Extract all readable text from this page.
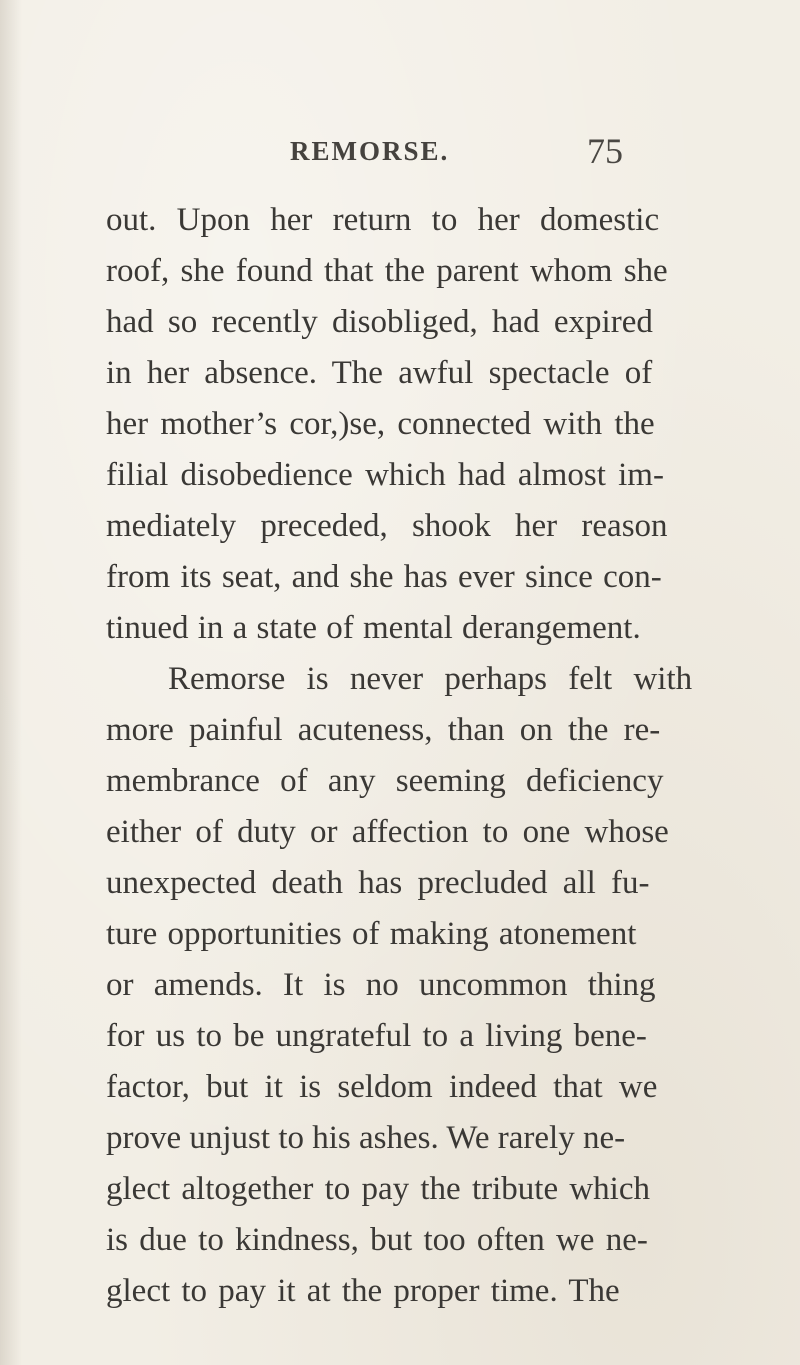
REMORSE.	75
out. Upon her return to her domestic
roof, she found that the parent whom she
had so recently disobliged, had expired
in her absence. The awful spectacle of
her mother’s cor,)se, connected with the
filial disobedience which had almost im-
mediately preceded, shook her reason
from its seat, and she has ever since con-
tinued in a state of mental derangement.
Remorse is never perhaps felt with
more painful acuteness, than on the re-
membrance of any seeming deficiency
either of duty or affection to one whose
unexpected death has precluded all fu-
ture opportunities of making atonement
or amends. It is no uncommon thing
for us to be ungrateful to a living bene-
factor, but it is seldom indeed that we
prove unjust to his ashes. We rarely ne-
glect altogether to pay the tribute which
is due to kindness, but too often we ne-
glect to pay it at the proper time. The
